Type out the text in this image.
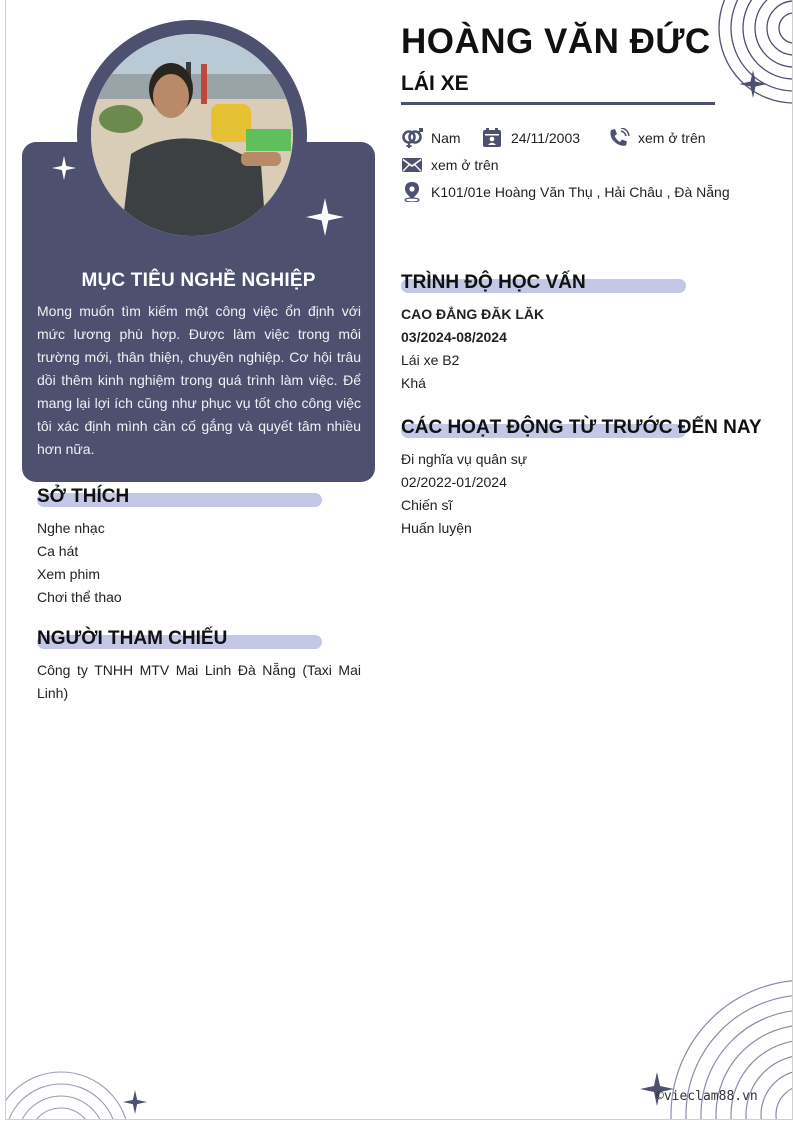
MỤC TIÊU NGHỀ NGHIỆP
Mong muốn tìm kiếm một công việc ổn định với mức lương phù hợp. Được làm việc trong môi trường mới, thân thiện, chuyên nghiệp. Cơ hội trâu dồi thêm kinh nghiệm trong quá trình làm việc. Để mang lại lợi ích cũng như phục vụ tốt cho công việc tôi xác định mình cần cố gắng và quyết tâm nhiều hơn nữa.
SỞ THÍCH
Nghe nhạc
Ca hát
Xem phim
Chơi thể thao
NGƯỜI THAM CHIẾU
Công ty TNHH MTV Mai Linh Đà Nẵng (Taxi Mai Linh)
HOÀNG VĂN ĐỨC
LÁI XE
Nam	24/11/2003	xem ở trên
xem ở trên
K101/01e Hoàng Văn Thụ , Hải Châu , Đà Nẵng
TRÌNH ĐỘ HỌC VẤN
CAO ĐẲNG ĐĂK LĂK
03/2024-08/2024
Lái xe B2
Khá
CÁC HOẠT ĐỘNG TỪ TRƯỚC ĐẾN NAY
Đi nghĩa vụ quân sự
02/2022-01/2024
Chiến sĩ
Huấn luyện
©vieclam88.vn
